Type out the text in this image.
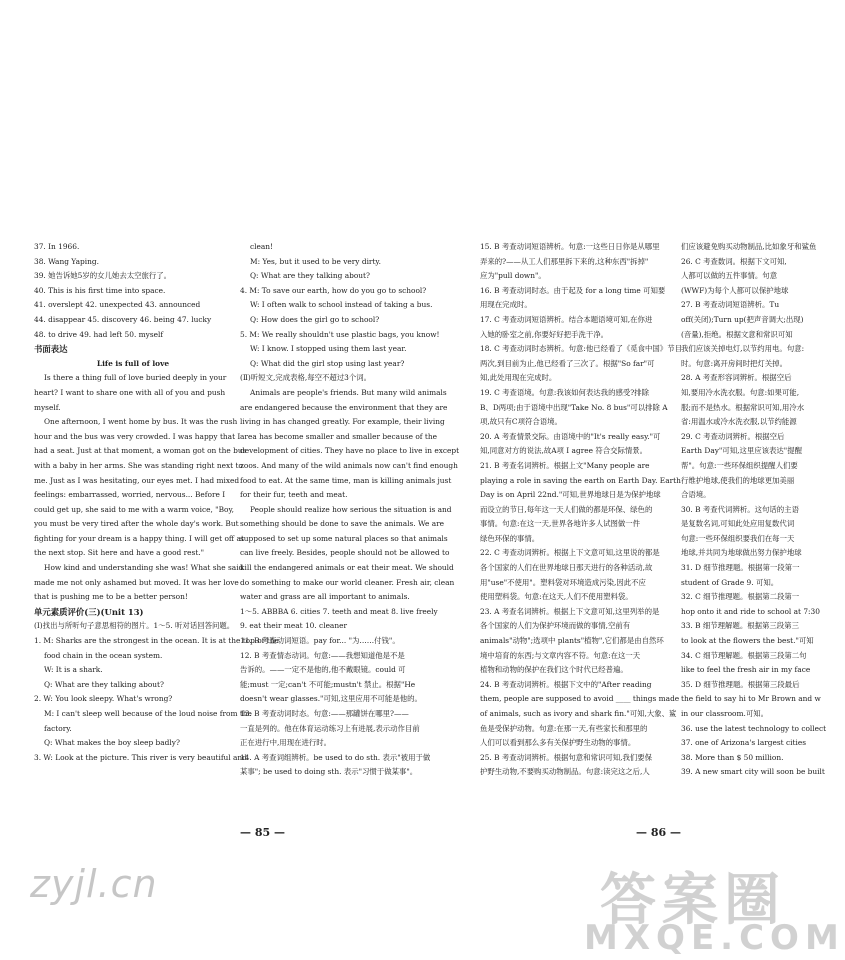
37. In 1966.
38. Wang Yaping.
39. 她告诉她5岁的女儿她去太空旅行了。
40. This is his first time into space.
41. overslept 42. unexpected 43. announced
44. disappear 45. discovery 46. being 47. lucky
48. to drive 49. had left 50. myself
书面表达
Life is full of love
Is there a thing full of love buried deeply in your
heart? I want to share one with all of you and push
myself.
One afternoon, I went home by bus. It was the rush
hour and the bus was very crowded. I was happy that I
had a seat. Just at that moment, a woman got on the bus
with a baby in her arms. She was standing right next to
me. Just as I was hesitating, our eyes met. I had mixed
feelings: embarrassed, worried, nervous... Before I
could get up, she said to me with a warm voice, "Boy,
you must be very tired after the whole day's work. But
fighting for your dream is a happy thing. I will get off at
the next stop. Sit here and have a good rest."
How kind and understanding she was! What she said
made me not only ashamed but moved. It was her love
that is pushing me to be a better person!
单元素质评价(三)(Unit 13)
(Ⅰ)找出与所听句子意思相符的图片。1～5. 听对话回答问题。
1. M: Sharks are the strongest in the ocean. It is at the top of the
food chain in the ocean system.
W: It is a shark.
Q: What are they talking about?
2. W: You look sleepy. What's wrong?
M: I can't sleep well because of the loud noise from the
factory.
Q: What makes the boy sleep badly?
3. W: Look at the picture. This river is very beautiful and
clean!
M: Yes, but it used to be very dirty.
Q: What are they talking about?
4. M: To save our earth, how do you go to school?
W: I often walk to school instead of taking a bus.
Q: How does the girl go to school?
5. M: We really shouldn't use plastic bags, you know!
W: I know. I stopped using them last year.
Q: What did the girl stop using last year?
(Ⅱ)听短文,完成表格,每空不超过3个词。
Animals are people's friends. But many wild animals
are endangered because the environment that they are
living in has changed greatly. For example, their living
area has become smaller and smaller because of the
development of cities. They have no place to live in except
zoos. And many of the wild animals now can't find enough
food to eat. At the same time, man is killing animals just
for their fur, teeth and meat.
People should realize how serious the situation is and
something should be done to save the animals. We are
supposed to set up some natural places so that animals
can live freely. Besides, people should not be allowed to
kill the endangered animals or eat their meat. We should
do something to make our world cleaner. Fresh air, clean
water and grass are all important to animals.
1～5. ABBBA 6. cities 7. teeth and meat 8. live freely
9. eat their meat 10. cleaner
11. B 考查动词短语。pay for... "为……付钱"。
12. B 考查情态动词。句意:——我想知道他是不是
告诉的。——一定不是他的,他不戴眼镜。could 可
能;must 一定;can't 不可能;mustn't 禁止。根据"He
doesn't wear glasses."可知,这里应用不可能是他的。
13. B 考查动词时态。句意:——那罐饼在哪里?——
一直是列的。他在体育运动练习上有进展,表示动作目前
正在进行中,用现在进行时。
14. A 考查词组辨析。be used to do sth. 表示"被用于做
某事"; be used to doing sth. 表示"习惯于做某事"。
15. B 考查动词短语辨析。句意:一这些日日你是从哪里
弄来的?——从工人们那里拆下来的,这种东西"拆掉"
应为"pull down"。
16. B 考查动词时态。由于起及 for a long time 可知要
用现在完成时。
17. C 考查动词短语辨析。结合本题语境可知,在你进
入她的卧室之前,你要好好把手洗干净。
18. C 考查动词时态辨析。句意:他已经看了《觅食中国》节目
两次,到目前为止,他已经看了三次了。根据"So far"可
知,此处用现在完成时。
19. C 考查语境。句意:我该如何表达我的感受?排除
B、D两项;由于语境中出现"Take No. 8 bus"可以排除 A
项,故只有C项符合语境。
20. A 考查情景交际。由语境中的"It's really easy."可
知,同意对方的说法,故A项 I agree 符合交际情景。
21. B 考查名词辨析。根据上文"Many people are
playing a role in saving the earth on Earth Day. Earth
Day is on April 22nd."可知,世界地球日是为保护地球
而设立的节日,每年这一天人们做的都是环保、绿色的
事情。句意:在这一天,世界各地许多人试图做一件
绿色环保的事情。
22. C 考查动词辨析。根据上下文意可知,这里说的都是
各个国家的人们在世界地球日那天进行的各种活动,故
用"use"不使用"。塑料袋对环境造成污染,因此不应
使用塑料袋。句意:在这天,人们不使用塑料袋。
23. A 考查名词辨析。根据上下文意可知,这里列举的是
各个国家的人们为保护环境而做的事情,空前有
animals"动物";选项中 plants"植物",它们都是由自然环
境中培育的东西;与文章内容不符。句意:在这一天
植物和动物的保护在我们这个时代已经普遍。
24. B 考查动词辨析。根据下文中的"After reading
them, people are supposed to avoid ____ things made
of animals, such as ivory and shark fin."可知,大象、鲨
鱼是受保护动物。句意:在那一天,有些家长和那里的
人们可以看到那么多有关保护野生动物的事情。
25. B 考查动词辨析。根据句意和常识可知,我们要保
护野生动物,不要购买动物制品。句意:读完这之后,人
们应该避免购买动物制品,比如象牙和鲨鱼
26. C 考查数词。根据下文可知,
人都可以做的五件事情。句意
(WWF)为每个人都可以保护地球
27. B 考查动词短语辨析。Tu
off(关闭);Turn up(把声音调大;出现)
(音量),拒绝。根据文意和常识可知
我们应该关掉电灯,以节约用电。句意:
时。句意:离开房间时把灯关掉。
28. A 考查形容词辨析。根据空后
知,要用冷水洗衣服。句意:如果可能,
服;而不是热水。根据常识可知,用冷水
省:用温水或冷水洗衣服,以节约能源
29. C 考查动词辨析。根据空后
Earth Day"可知,这里应该表达"提醒
帮"。句意:一些环保组织提醒人们要
行维护地球,使我们的地球更加美丽
合语境。
30. B 考查代词辨析。这句话的主语
是复数名词,可知此处应用复数代词
句意:一些环保组织要我们在每一天
地球,并共同为地球做出努力保护地球
31. D 细节推理题。根据第一段第一
student of Grade 9. 可知。
32. C 细节推理题。根据第二段第一
hop onto it and ride to school at 7:30
33. B 细节理解题。根据第三段第三
to look at the flowers the best."可知
34. C 细节理解题。根据第三段第二句
like to feel the fresh air in my face
35. D 细节推理题。根据第三段最后
the field to say hi to Mr Brown and w
in our classroom.可知。
36. use the latest technology to collect
37. one of Arizona's largest cities
38. More than $ 50 million.
39. A new smart city will soon be built
— 85 —	— 86 —
zyjl.cn	答案圈
MXQE.COM
